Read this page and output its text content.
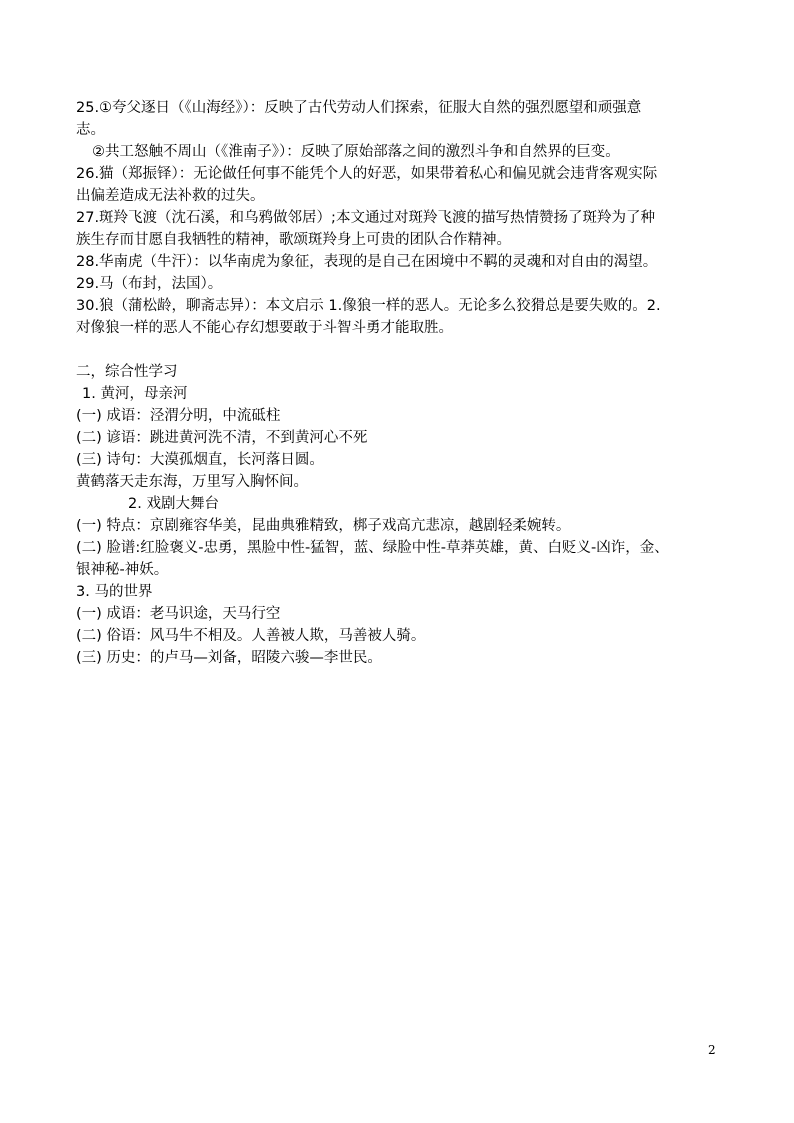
25.①夸父逐日（《山海经》）：反映了古代劳动人们探索，征服大自然的强烈愿望和顽强意
志。
②共工怒触不周山（《淮南子》）：反映了原始部落之间的激烈斗争和自然界的巨变。
26.猫（郑振铎）：无论做任何事不能凭个人的好恶，如果带着私心和偏见就会违背客观实际
出偏差造成无法补救的过失。
27.斑羚飞渡（沈石溪，和乌鸦做邻居）;本文通过对斑羚飞渡的描写热情赞扬了斑羚为了种
族生存而甘愿自我牺牲的精神，歌颂斑羚身上可贵的团队合作精神。
28.华南虎（牛汗）：以华南虎为象征，表现的是自己在困境中不羁的灵魂和对自由的渴望。
29.马（布封，法国）。
30.狼（蒲松龄，聊斋志异）：本文启示 1.像狼一样的恶人。无论多么狡猾总是要失败的。2.
对像狼一样的恶人不能心存幻想要敢于斗智斗勇才能取胜。
二，综合性学习
1. 黄河，母亲河
(一) 成语：泾渭分明，中流砥柱
(二) 谚语：跳进黄河洗不清，不到黄河心不死
(三) 诗句：大漠孤烟直，长河落日圆。
黄鹤落天走东海，万里写入胸怀间。
2. 戏剧大舞台
(一) 特点：京剧雍容华美，昆曲典雅精致，梆子戏高亢悲凉，越剧轻柔婉转。
(二) 脸谱:红脸褒义-忠勇，黑脸中性-猛智，蓝、绿脸中性-草莽英雄，黄、白贬义-凶诈，金、
银神秘-神妖。
3. 马的世界
(一) 成语：老马识途，天马行空
(二) 俗语：风马牛不相及。人善被人欺，马善被人骑。
(三) 历史：的卢马—刘备，昭陵六骏—李世民。
2
